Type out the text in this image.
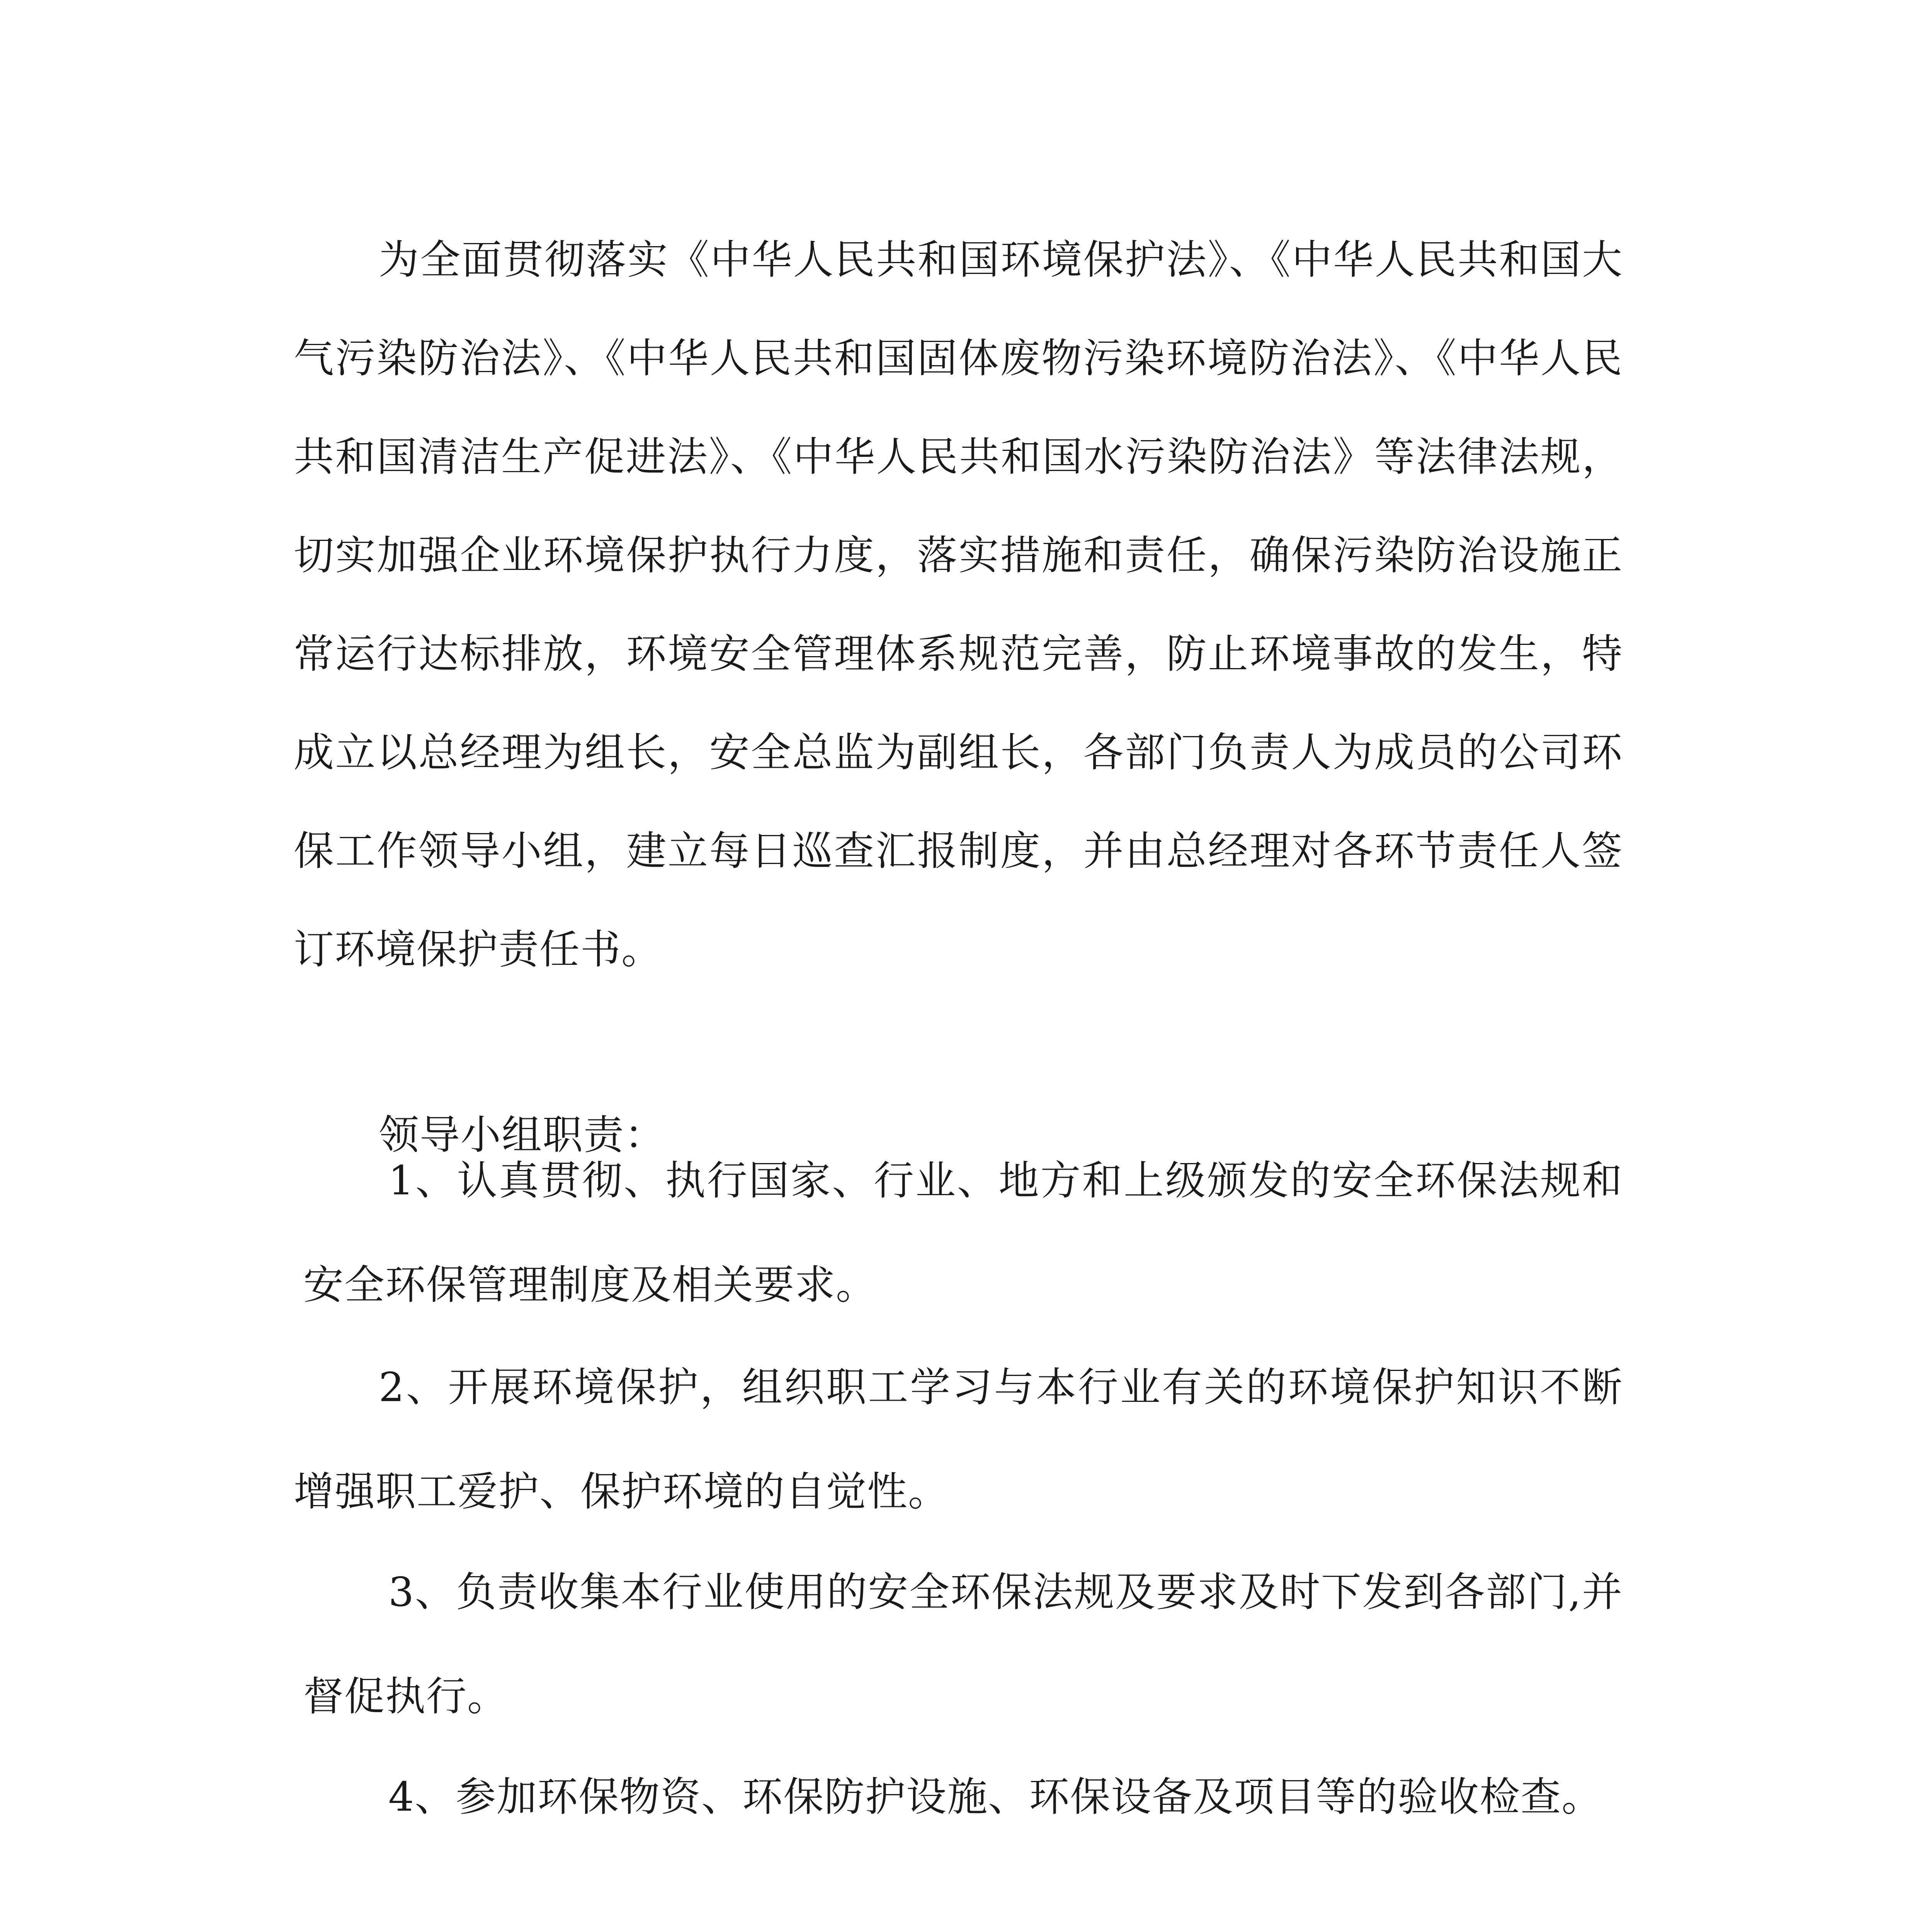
为全面贯彻落实《中华人民共和国环境保护法》、《中华人民共和国大气污染防治法》、《中华人民共和国固体废物污染环境防治法》、《中华人民共和国清洁生产促进法》、《中华人民共和国水污染防治法》等法律法规，切实加强企业环境保护执行力度，落实措施和责任，确保污染防治设施正常运行达标排放，环境安全管理体系规范完善，防止环境事故的发生，特成立以总经理为组长，安全总监为副组长，各部门负责人为成员的公司环保工作领导小组，建立每日巡查汇报制度，并由总经理对各环节责任人签订环境保护责任书。

领导小组职责：

1、认真贯彻、执行国家、行业、地方和上级颁发的安全环保法规和安全环保管理制度及相关要求。

2、开展环境保护，组织职工学习与本行业有关的环境保护知识不断增强职工爱护、保护环境的自觉性。

3、负责收集本行业使用的安全环保法规及要求及时下发到各部门,并督促执行。

4、参加环保物资、环保防护设施、环保设备及项目等的验收检查。
